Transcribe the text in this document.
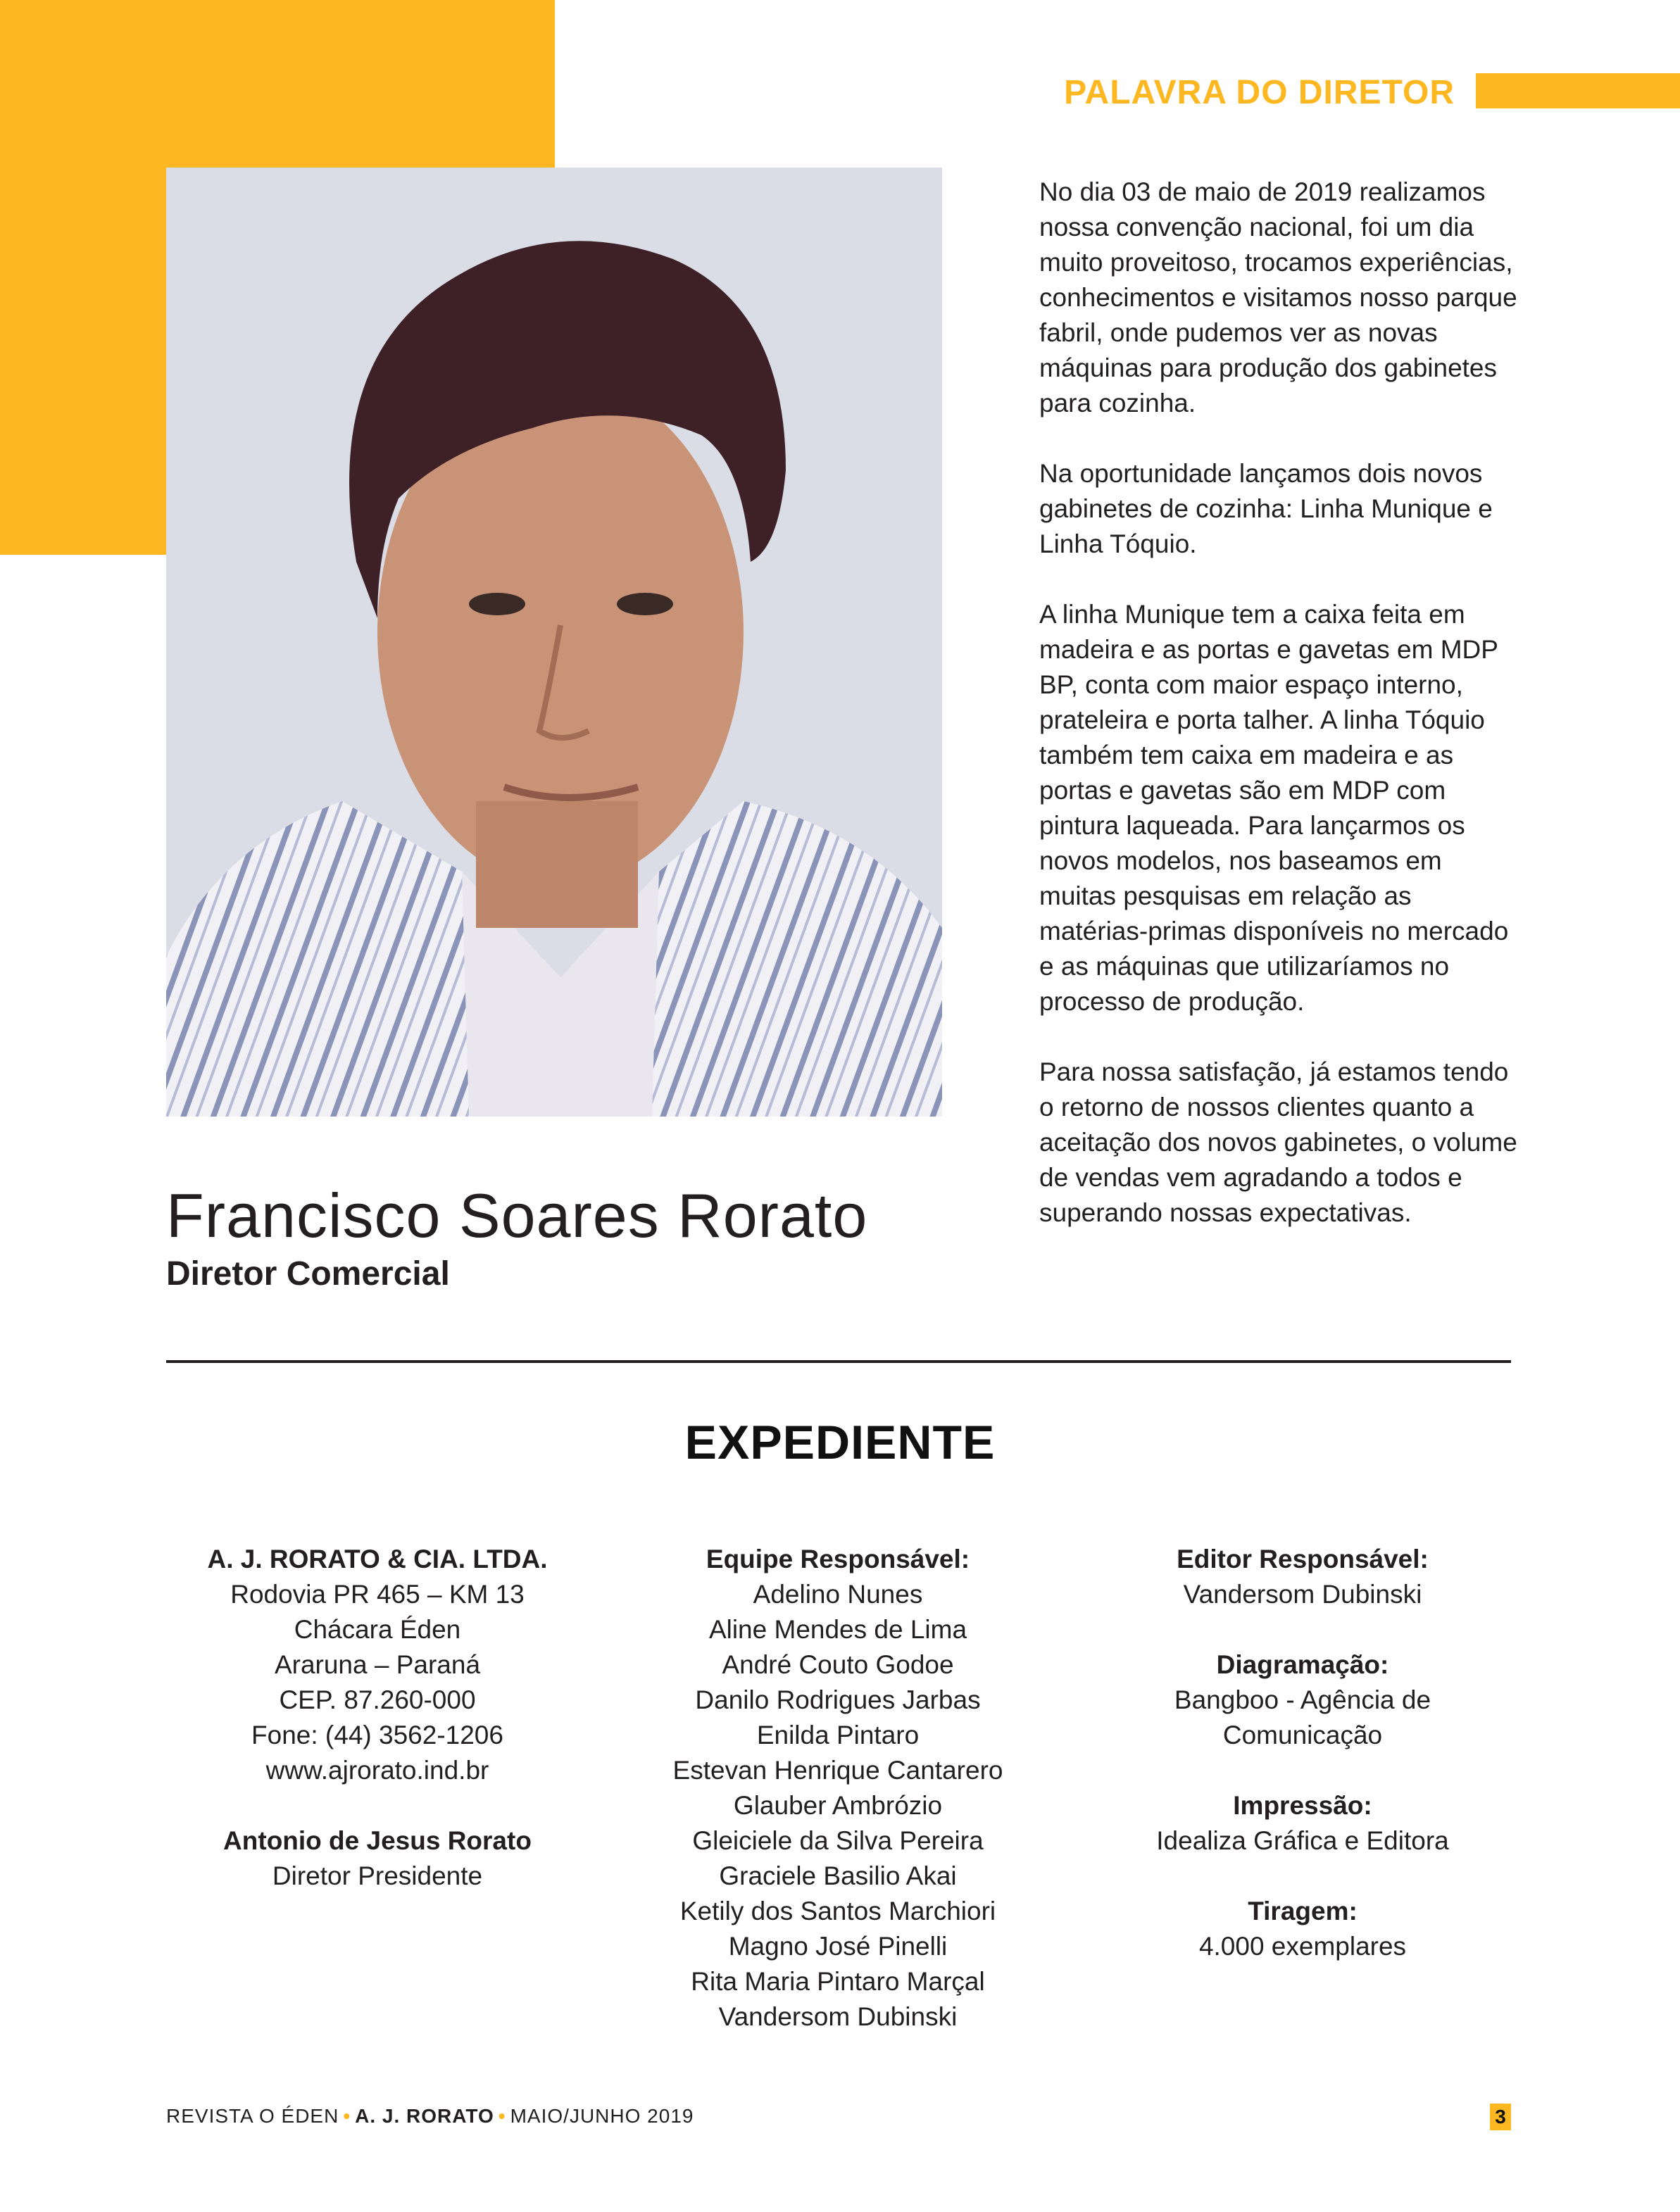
PALAVRA DO DIRETOR
Francisco Soares Rorato
Diretor Comercial

No dia 03 de maio de 2019 realizamos nossa convenção nacional, foi um dia muito proveitoso, trocamos experiências, conhecimentos e visitamos nosso parque fabril, onde pudemos ver as novas máquinas para produção dos gabinetes para cozinha.

Na oportunidade lançamos dois novos gabinetes de cozinha: Linha Munique e Linha Tóquio.

A linha Munique tem a caixa feita em madeira e as portas e gavetas em MDP BP, conta com maior espaço interno, prateleira e porta talher. A linha Tóquio também tem caixa em madeira e as portas e gavetas são em MDP com pintura laqueada. Para lançarmos os novos modelos, nos baseamos em muitas pesquisas em relação as matérias-primas disponíveis no mercado e as máquinas que utilizaríamos no processo de produção.

Para nossa satisfação, já estamos tendo o retorno de nossos clientes quanto a aceitação dos novos gabinetes, o volume de vendas vem agradando a todos e superando nossas expectativas.

EXPEDIENTE
A. J. RORATO & CIA. LTDA.
Rodovia PR 465 – KM 13
Chácara Éden
Araruna – Paraná
CEP. 87.260-000
Fone: (44) 3562-1206
www.ajrorato.ind.br
Antonio de Jesus Rorato
Diretor Presidente
Equipe Responsável:
Adelino Nunes
Aline Mendes de Lima
André Couto Godoe
Danilo Rodrigues Jarbas
Enilda Pintaro
Estevan Henrique Cantarero
Glauber Ambrózio
Gleiciele da Silva Pereira
Graciele Basilio Akai
Ketily dos Santos Marchiori
Magno José Pinelli
Rita Maria Pintaro Marçal
Vandersom Dubinski
Editor Responsável:
Vandersom Dubinski
Diagramação:
Bangboo - Agência de
Comunicação
Impressão:
Idealiza Gráfica e Editora
Tiragem:
4.000 exemplares
REVISTA O ÉDEN • A. J. RORATO • MAIO/JUNHO 2019	3
